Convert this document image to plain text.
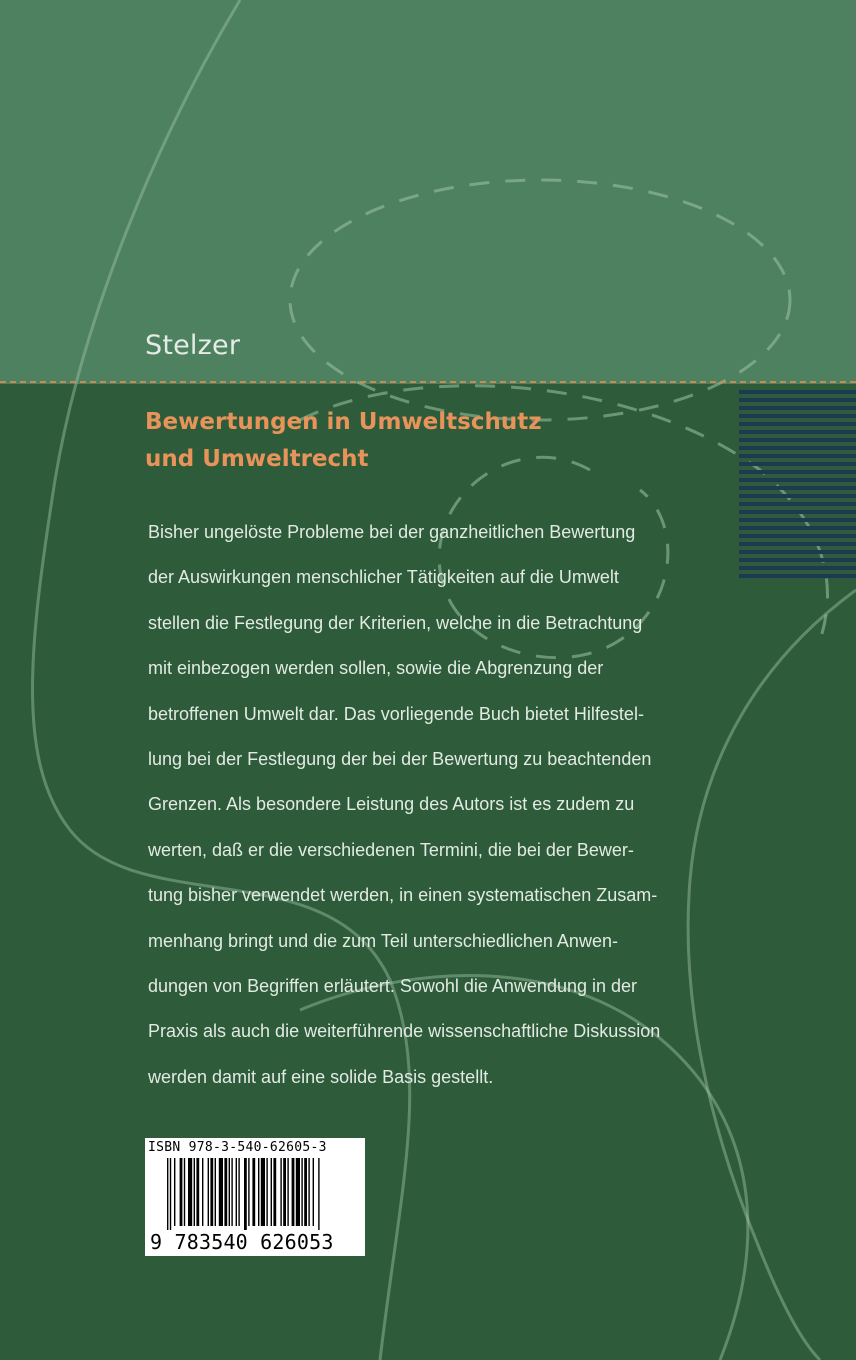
Stelzer
Bewertungen in Umweltschutz
und Umweltrecht
Bisher ungelöste Probleme bei der ganzheitlichen Bewertung
der Auswirkungen menschlicher Tätigkeiten auf die Umwelt
stellen die Festlegung der Kriterien, welche in die Betrachtung
mit einbezogen werden sollen, sowie die Abgrenzung der
betroffenen Umwelt dar. Das vorliegende Buch bietet Hilfestel-
lung bei der Festlegung der bei der Bewertung zu beachtenden
Grenzen. Als besondere Leistung des Autors ist es zudem zu
werten, daß er die verschiedenen Termini, die bei der Bewer-
tung bisher verwendet werden, in einen systematischen Zusam-
menhang bringt und die zum Teil unterschiedlichen Anwen-
dungen von Begriffen erläutert. Sowohl die Anwendung in der
Praxis als auch die weiterführende wissenschaftliche Diskussion
werden damit auf eine solide Basis gestellt.

ISBN 978-3-540-62605-3

9 783540 626053
